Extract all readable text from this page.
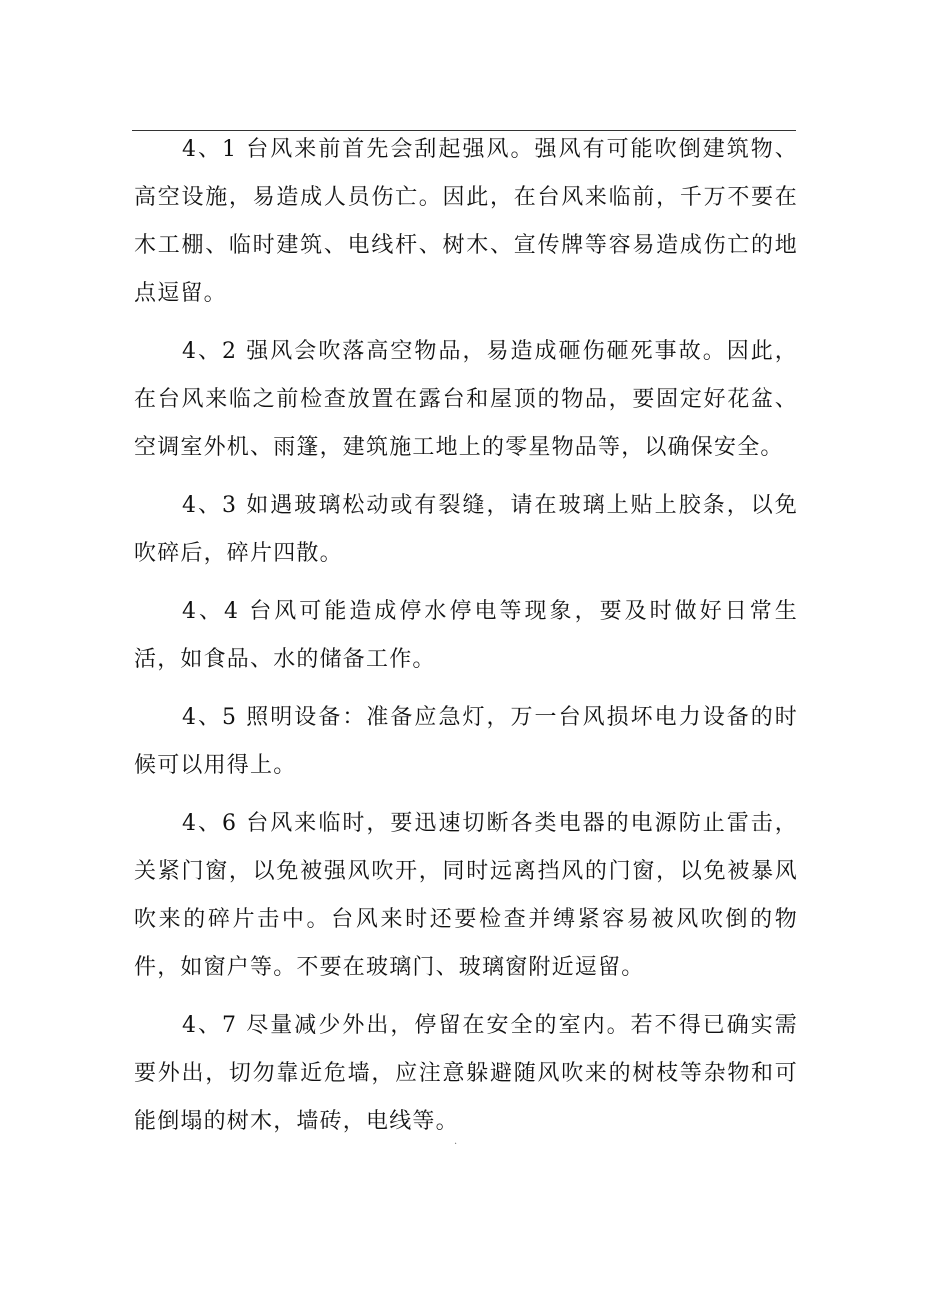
4、1 台风来前首先会刮起强风。强风有可能吹倒建筑物、高空设施，易造成人员伤亡。因此，在台风来临前，千万不要在木工棚、临时建筑、电线杆、树木、宣传牌等容易造成伤亡的地点逗留。

4、2 强风会吹落高空物品，易造成砸伤砸死事故。因此，在台风来临之前检查放置在露台和屋顶的物品，要固定好花盆、空调室外机、雨篷，建筑施工地上的零星物品等，以确保安全。

4、3 如遇玻璃松动或有裂缝，请在玻璃上贴上胶条，以免吹碎后，碎片四散。

4、4 台风可能造成停水停电等现象，要及时做好日常生活，如食品、水的储备工作。

4、5 照明设备：准备应急灯，万一台风损坏电力设备的时候可以用得上。

4、6 台风来临时，要迅速切断各类电器的电源防止雷击，关紧门窗，以免被强风吹开，同时远离挡风的门窗，以免被暴风吹来的碎片击中。台风来时还要检查并缚紧容易被风吹倒的物件，如窗户等。不要在玻璃门、玻璃窗附近逗留。

4、7 尽量减少外出，停留在安全的室内。若不得已确实需要外出，切勿靠近危墙，应注意躲避随风吹来的树枝等杂物和可能倒塌的树木，墙砖，电线等。

.
